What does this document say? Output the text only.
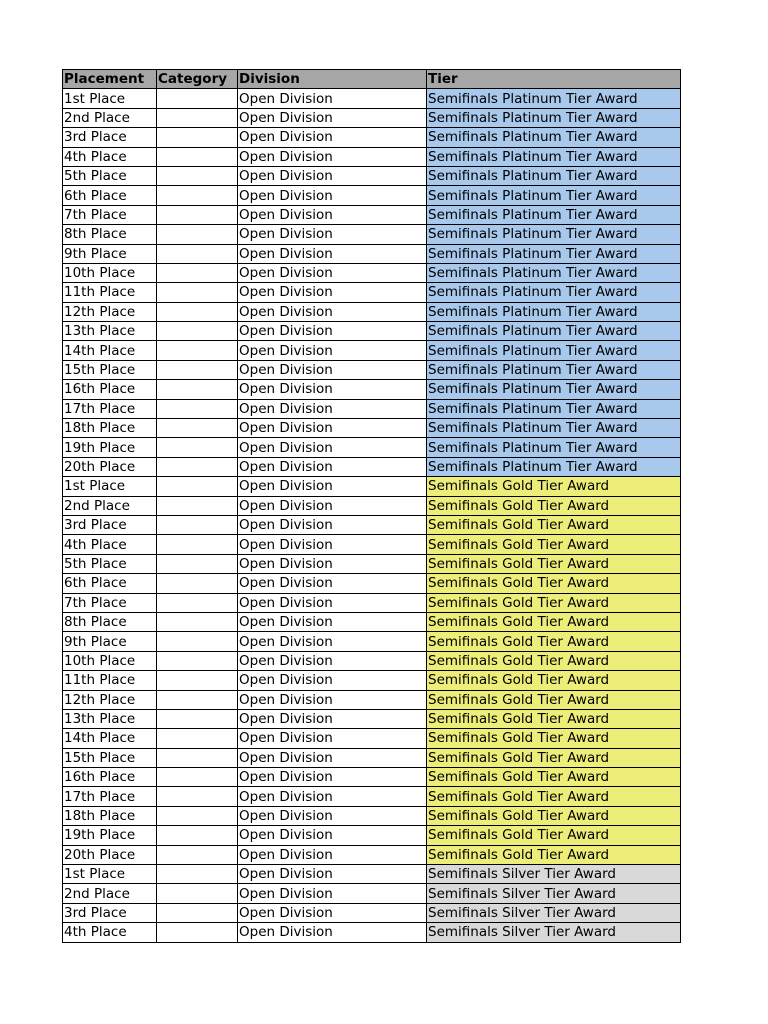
Placement	Category	Division	Tier
1st Place		Open Division	Semifinals Platinum Tier Award
2nd Place		Open Division	Semifinals Platinum Tier Award
3rd Place		Open Division	Semifinals Platinum Tier Award
4th Place		Open Division	Semifinals Platinum Tier Award
5th Place		Open Division	Semifinals Platinum Tier Award
6th Place		Open Division	Semifinals Platinum Tier Award
7th Place		Open Division	Semifinals Platinum Tier Award
8th Place		Open Division	Semifinals Platinum Tier Award
9th Place		Open Division	Semifinals Platinum Tier Award
10th Place		Open Division	Semifinals Platinum Tier Award
11th Place		Open Division	Semifinals Platinum Tier Award
12th Place		Open Division	Semifinals Platinum Tier Award
13th Place		Open Division	Semifinals Platinum Tier Award
14th Place		Open Division	Semifinals Platinum Tier Award
15th Place		Open Division	Semifinals Platinum Tier Award
16th Place		Open Division	Semifinals Platinum Tier Award
17th Place		Open Division	Semifinals Platinum Tier Award
18th Place		Open Division	Semifinals Platinum Tier Award
19th Place		Open Division	Semifinals Platinum Tier Award
20th Place		Open Division	Semifinals Platinum Tier Award
1st Place		Open Division	Semifinals Gold Tier Award
2nd Place		Open Division	Semifinals Gold Tier Award
3rd Place		Open Division	Semifinals Gold Tier Award
4th Place		Open Division	Semifinals Gold Tier Award
5th Place		Open Division	Semifinals Gold Tier Award
6th Place		Open Division	Semifinals Gold Tier Award
7th Place		Open Division	Semifinals Gold Tier Award
8th Place		Open Division	Semifinals Gold Tier Award
9th Place		Open Division	Semifinals Gold Tier Award
10th Place		Open Division	Semifinals Gold Tier Award
11th Place		Open Division	Semifinals Gold Tier Award
12th Place		Open Division	Semifinals Gold Tier Award
13th Place		Open Division	Semifinals Gold Tier Award
14th Place		Open Division	Semifinals Gold Tier Award
15th Place		Open Division	Semifinals Gold Tier Award
16th Place		Open Division	Semifinals Gold Tier Award
17th Place		Open Division	Semifinals Gold Tier Award
18th Place		Open Division	Semifinals Gold Tier Award
19th Place		Open Division	Semifinals Gold Tier Award
20th Place		Open Division	Semifinals Gold Tier Award
1st Place		Open Division	Semifinals Silver Tier Award
2nd Place		Open Division	Semifinals Silver Tier Award
3rd Place		Open Division	Semifinals Silver Tier Award
4th Place		Open Division	Semifinals Silver Tier Award
